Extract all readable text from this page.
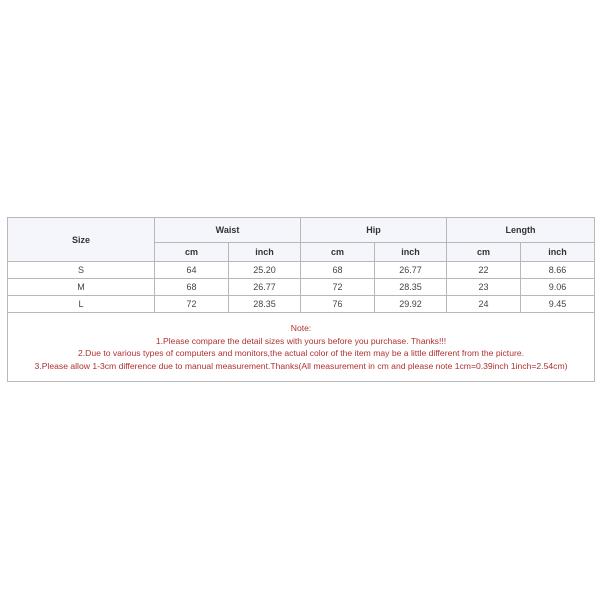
Size	Waist		Hip		Length	
	cm	inch	cm	inch	cm	inch
S	64	25.20	68	26.77	22	8.66
M	68	26.77	72	28.35	23	9.06
L	72	28.35	76	29.92	24	9.45

Note:
1.Please compare the detail sizes with yours before you purchase. Thanks!!!
2.Due to various types of computers and monitors,the actual color of the item may be a little different from the picture.
3.Please allow 1-3cm difference due to manual measurement.Thanks(All measurement in cm and please note 1cm=0.39inch 1inch=2.54cm)						
